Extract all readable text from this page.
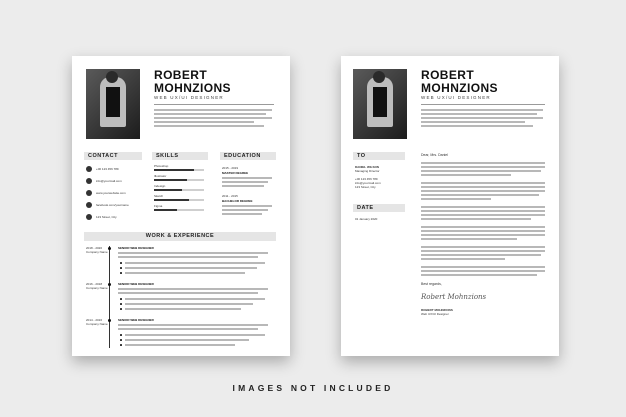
ROBERT
MOHNZIONS
WEB UX/UI DESIGNER
CONTACT	SKILLS	EDUCATION
+00 123 456 789
info@yourmail.com
www.yourwebsite.com
facebook.com/yourname
123 Street, City
Photoshop
Illustrator
Indesign
Sketch
Figma
2015 - 2019
MASTER DEGREE
2011 - 2015
BACHELOR DEGREE
WORK & EXPERIENCE
2018 - 2020
Company Name
SENIOR WEB DESIGNER
2016 - 2018
Company Name
SENIOR WEB DESIGNER
2014 - 2016
Company Name
SENIOR WEB DESIGNER
ROBERT
MOHNZIONS
WEB UX/UI DESIGNER
TO
DANIEL WILSON
Managing Director
+00 123 456 789
info@yourmail.com
123 Street, City
DATE
01 January 2020
Dear, Mrs. Daniel
Best regards,
Robert Mohnzions
ROBERT MOHNZIONS
Web UX/UI Designer
IMAGES NOT INCLUDED
